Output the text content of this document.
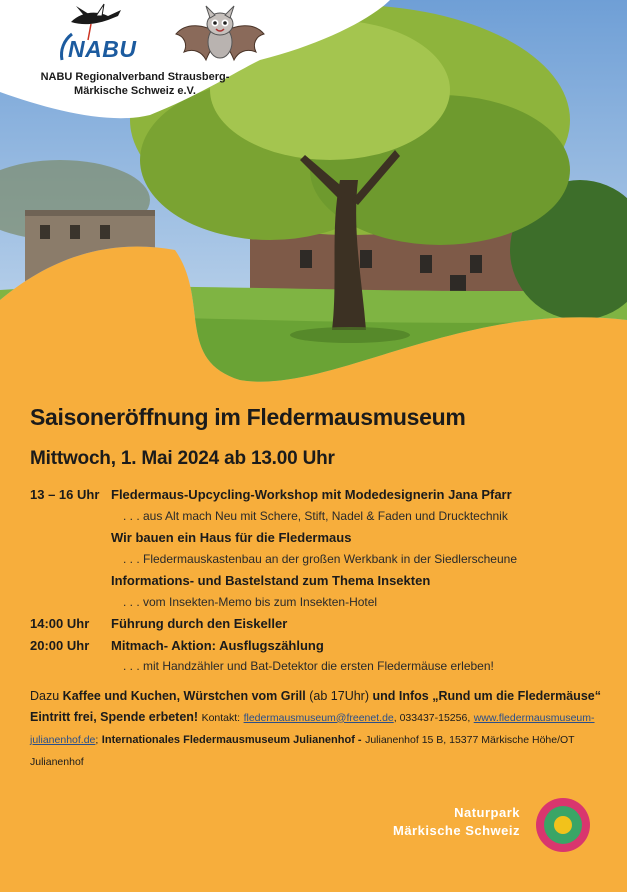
NABU
NABU Regionalverband Strausberg-
Märkische Schweiz e.V.
Saisoneröffnung im Fledermausmuseum
Mittwoch, 1. Mai 2024 ab 13.00 Uhr
13 – 16 Uhr Fledermaus-Upcycling-Workshop mit Modedesignerin Jana Pfarr
. . . aus Alt mach Neu mit Schere, Stift, Nadel & Faden und Drucktechnik
Wir bauen ein Haus für die Fledermaus
. . . Fledermauskastenbau an der großen Werkbank in der Siedlerscheune
Informations- und Bastelstand zum Thema Insekten
. . . vom Insekten-Memo bis zum Insekten-Hotel
14:00 Uhr	Führung durch den Eiskeller
20:00 Uhr	Mitmach- Aktion: Ausflugszählung
. . . mit Handzähler und Bat-Detektor die ersten Fledermäuse erleben!
Dazu Kaffee und Kuchen, Würstchen vom Grill (ab 17Uhr) und Infos „Rund um die Fledermäuse“
Eintritt frei, Spende erbeten! Kontakt: fledermausmuseum@freenet.de, 033437-15256, www.fledermausmuseum-
julianenhof.de; Internationales Fledermausmuseum Julianenhof - Julianenhof 15 B, 15377 Märkische Höhe/OT Julianenhof
Naturpark
Märkische Schweiz
